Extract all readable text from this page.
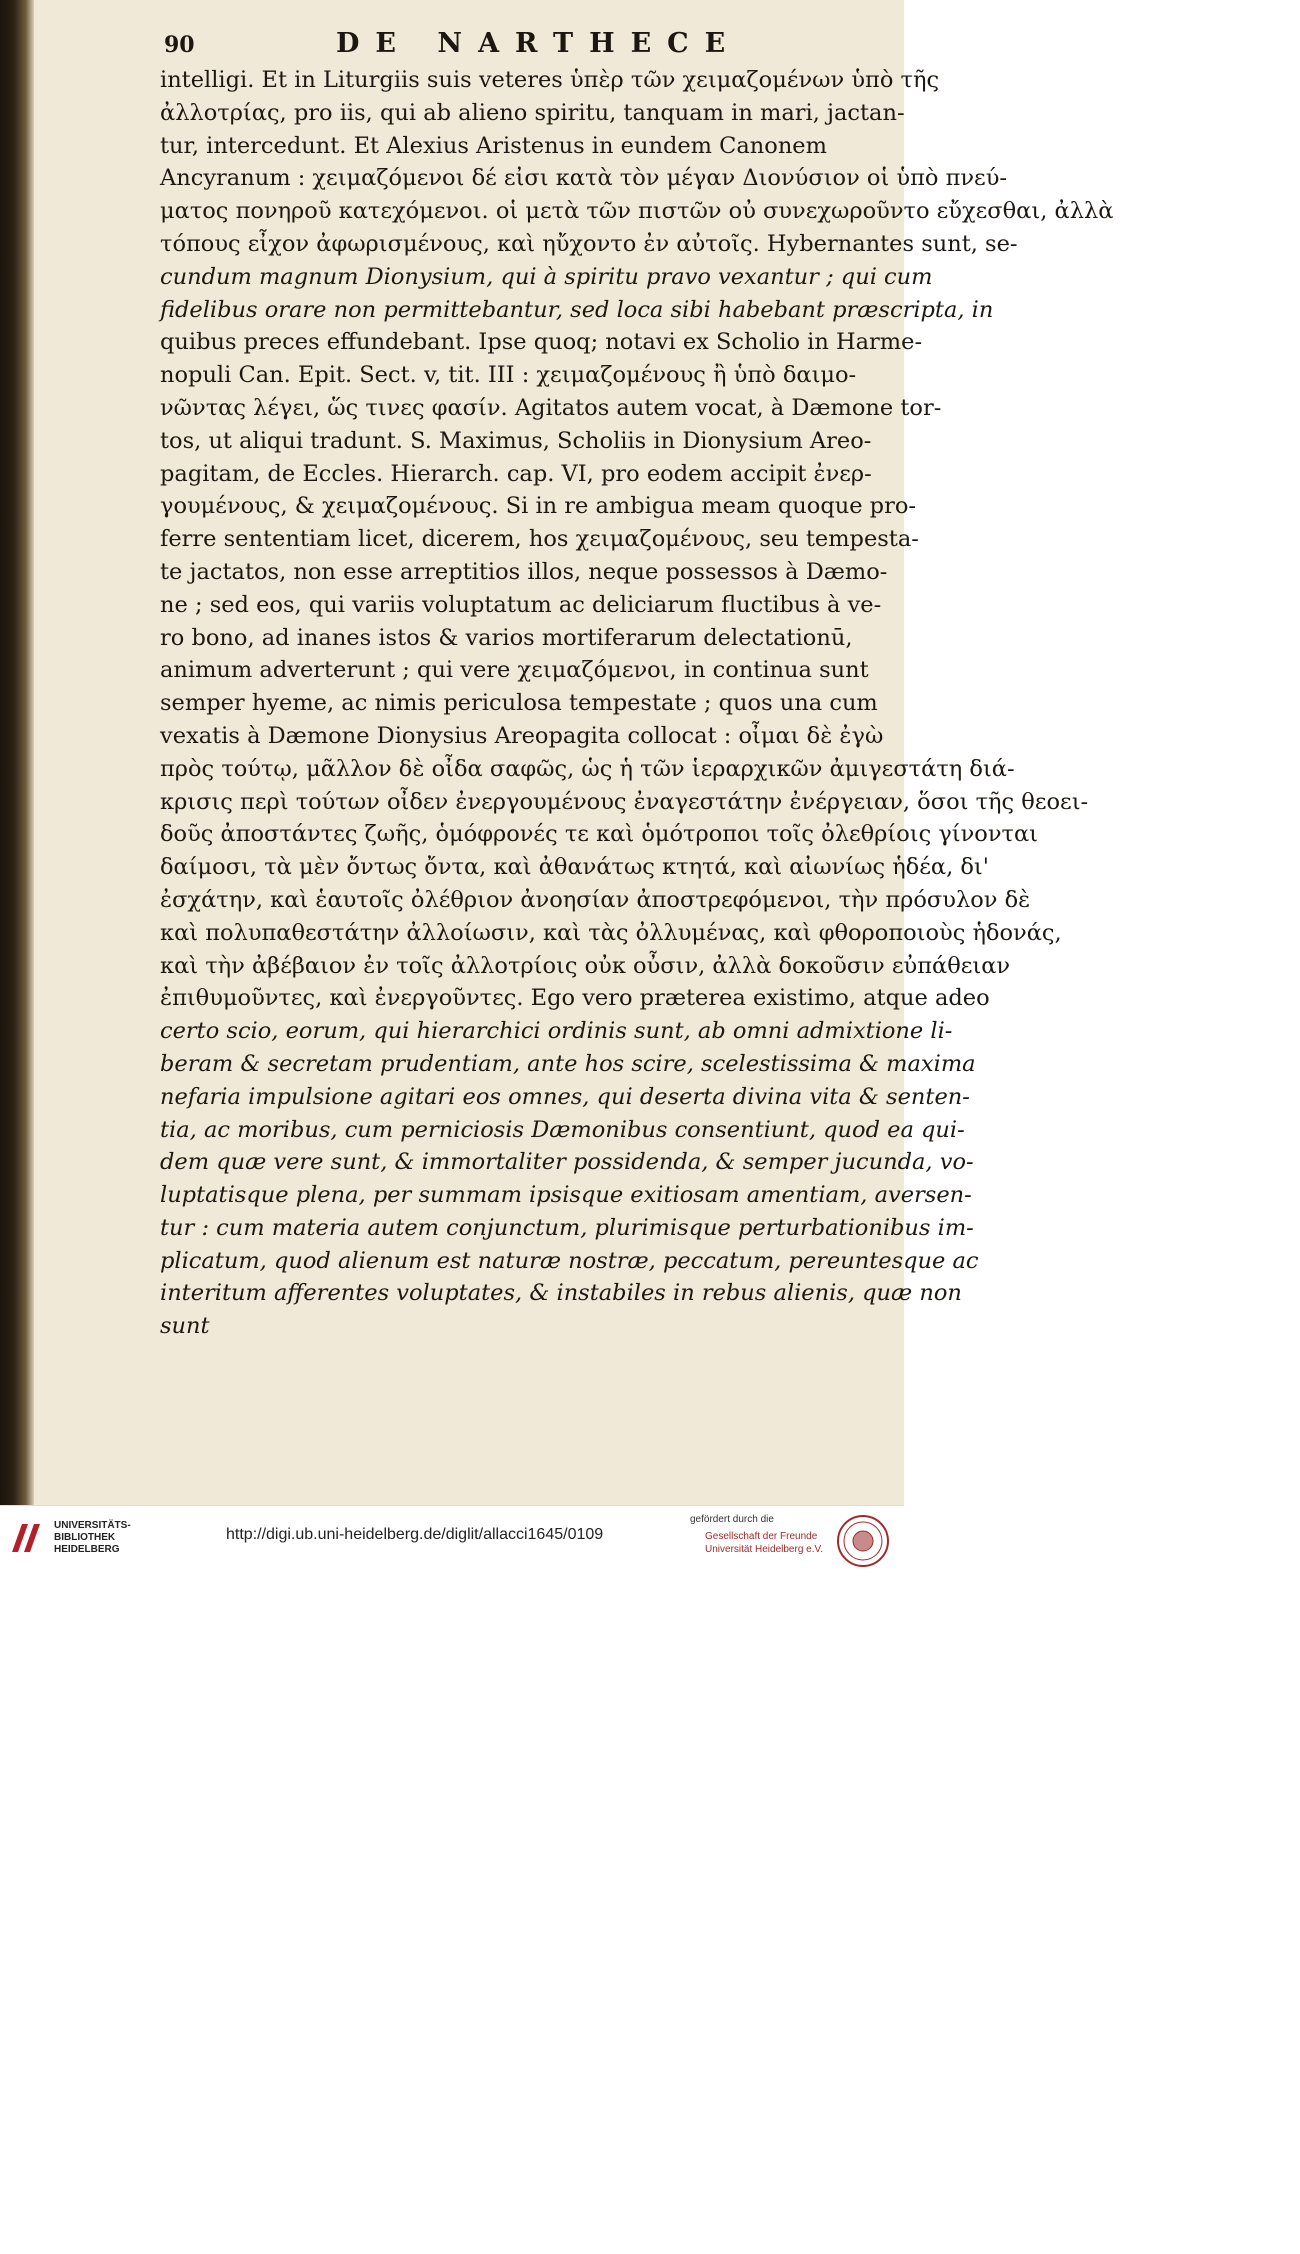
90	DE NARTHECE
intelligi. Et in Liturgiis suis veteres ὑπὲρ τῶν χειμαζομένων ὑπὸ τῆς
ἀλλοτρίας, pro iis, qui ab alieno spiritu, tanquam in mari, jactan-
tur, intercedunt. Et Alexius Aristenus in eundem Canonem
Ancyranum : χειμαζόμενοι δέ εἰσι κατὰ τὸν μέγαν Διονύσιον οἱ ὑπὸ πνεύ-
ματος πονηροῦ κατεχόμενοι. οἱ μετὰ τῶν πιστῶν οὐ συνεχωροῦντο εὔχεσθαι, ἀλλὰ
τόπους εἶχον ἀφωρισμένους, καὶ ηὔχοντο ἐν αὐτοῖς. Hybernantes sunt, se-
cundum magnum Dionysium, qui à spiritu pravo vexantur ; qui cum
fidelibus orare non permittebantur, sed loca sibi habebant præscripta, in
quibus preces effundebant. Ipse quoq; notavi ex Scholio in Harme-
nopuli Can. Epit. Sect. v, tit. III : χειμαζομένους ἢ ὑπὸ δαιμο-
νῶντας λέγει, ὥς τινες φασίν. Agitatos autem vocat, à Dæmone tor-
tos, ut aliqui tradunt. S. Maximus, Scholiis in Dionysium Areo-
pagitam, de Eccles. Hierarch. cap. VI, pro eodem accipit ἐνερ-
γουμένους, & χειμαζομένους. Si in re ambigua meam quoque pro-
ferre sententiam licet, dicerem, hos χειμαζομένους, seu tempesta-
te jactatos, non esse arreptitios illos, neque possessos à Dæmo-
ne ; sed eos, qui variis voluptatum ac deliciarum fluctibus à ve-
ro bono, ad inanes istos & varios mortiferarum delectationū,
animum adverterunt ; qui vere χειμαζόμενοι, in continua sunt
semper hyeme, ac nimis periculosa tempestate ; quos una cum
vexatis à Dæmone Dionysius Areopagita collocat : οἶμαι δὲ ἐγὼ
πρὸς τούτῳ, μᾶλλον δὲ οἶδα σαφῶς, ὡς ἡ τῶν ἱεραρχικῶν ἀμιγεστάτη διά-
κρισις περὶ τούτων οἶδεν ἐνεργουμένους ἐναγεστάτην ἐνέργειαν, ὅσοι τῆς θεοει-
δοῦς ἀποστάντες ζωῆς, ὁμόφρονές τε καὶ ὁμότροποι τοῖς ὀλεθρίοις γίνονται
δαίμοσι, τὰ μὲν ὄντως ὄντα, καὶ ἀθανάτως κτητά, καὶ αἰωνίως ἡδέα, δι'
ἐσχάτην, καὶ ἑαυτοῖς ὀλέθριον ἀνοησίαν ἀποστρεφόμενοι, τὴν πρόσυλον δὲ
καὶ πολυπαθεστάτην ἀλλοίωσιν, καὶ τὰς ὀλλυμένας, καὶ φθοροποιοὺς ἡδονάς,
καὶ τὴν ἀβέβαιον ἐν τοῖς ἀλλοτρίοις οὐκ οὖσιν, ἀλλὰ δοκοῦσιν εὐπάθειαν
ἐπιθυμοῦντες, καὶ ἐνεργοῦντες. Ego vero præterea existimo, atque adeo
certo scio, eorum, qui hierarchici ordinis sunt, ab omni admixtione li-
beram & secretam prudentiam, ante hos scire, scelestissima & maxima
nefaria impulsione agitari eos omnes, qui deserta divina vita & senten-
tia, ac moribus, cum perniciosis Dæmonibus consentiunt, quod ea qui-
dem quæ vere sunt, & immortaliter possidenda, & semper jucunda, vo-
luptatisque plena, per summam ipsisque exitiosam amentiam, aversen-
tur : cum materia autem conjunctum, plurimisque perturbationibus im-
plicatum, quod alienum est naturæ nostræ, peccatum, pereuntesque ac
interitum afferentes voluptates, & instabiles in rebus alienis, quæ non
sunt
UNIVERSITÄTS-
BIBLIOTHEK
HEIDELBERG
http://digi.ub.uni-heidelberg.de/diglit/allacci1645/0109
gefördert durch die
Gesellschaft der Freunde
Universität Heidelberg e.V.
